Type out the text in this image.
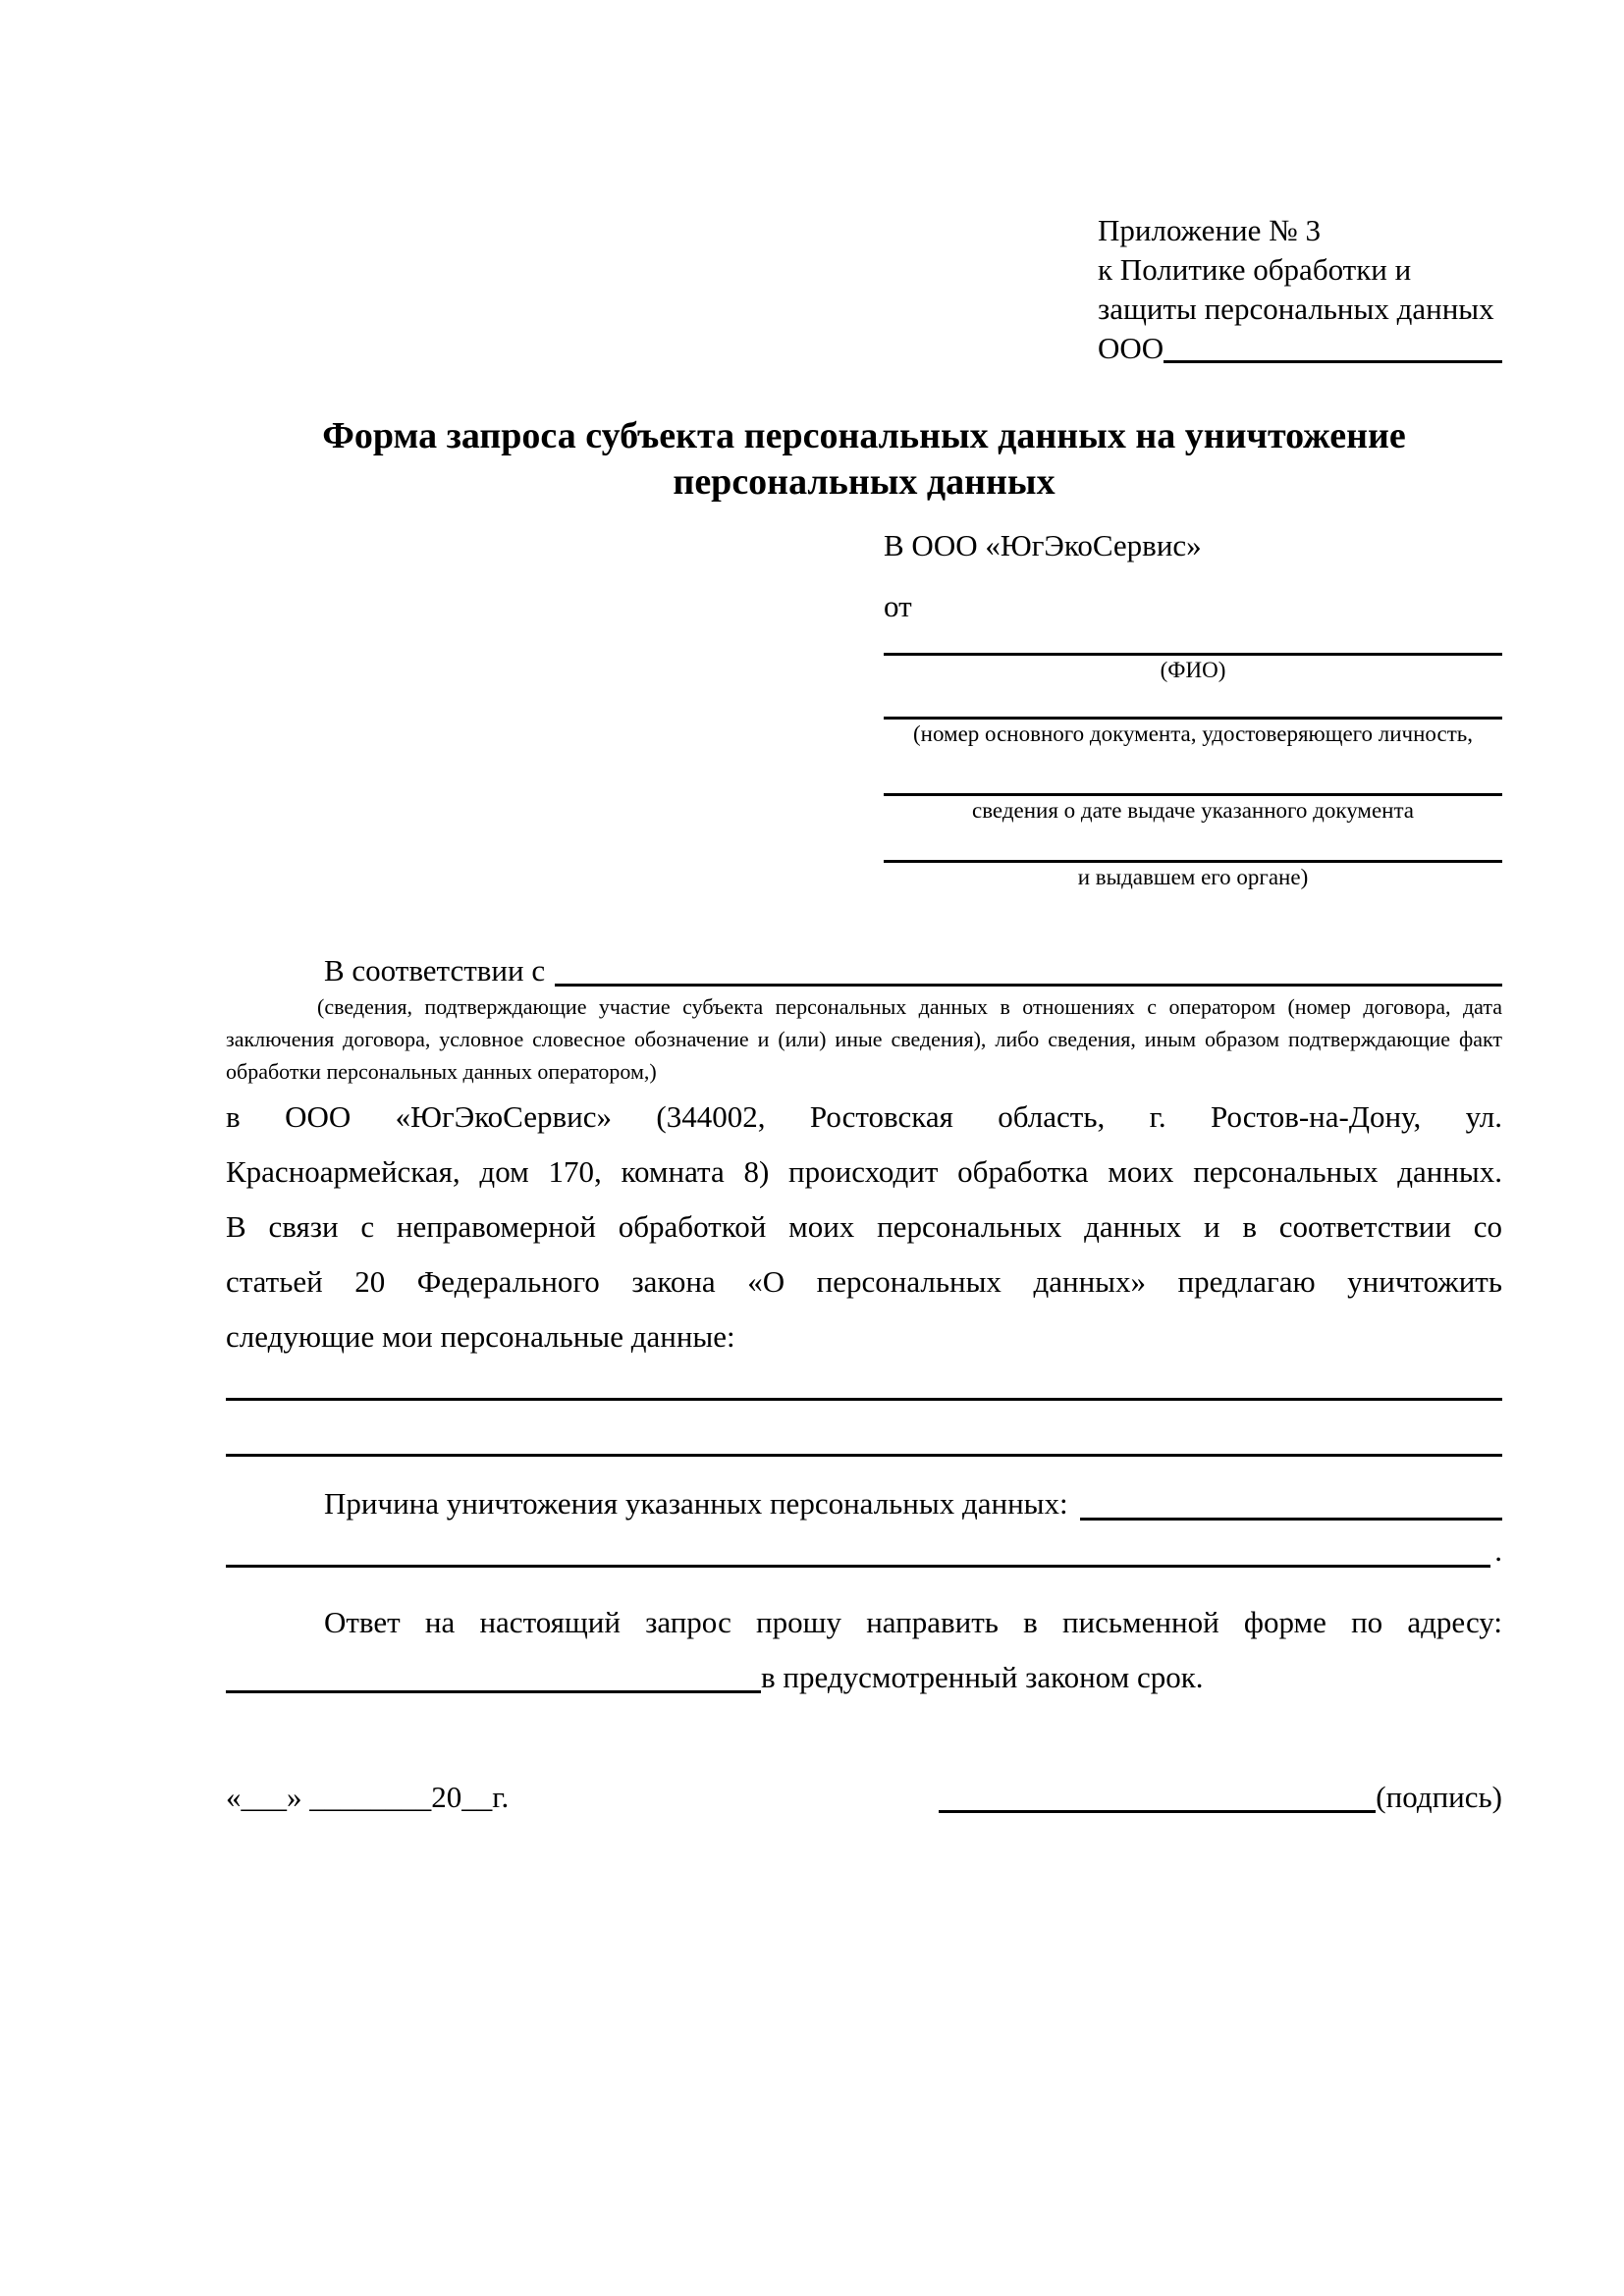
Приложение № 3
к Политике обработки и
защиты персональных данных
ООО
Форма запроса субъекта персональных данных на уничтожение персональных данных
В ООО «ЮгЭкоСервис»
от
(ФИО)
(номер основного документа, удостоверяющего личность,
сведения о дате выдаче указанного документа
и выдавшем его органе)
В соответствии с
(сведения, подтверждающие участие субъекта персональных данных в отношениях с оператором (номер договора, дата
заключения договора, условное словесное обозначение и (или) иные сведения), либо сведения, иным образом подтверждающие факт
обработки персональных данных оператором,)
в ООО «ЮгЭкоСервис» (344002, Ростовская область, г. Ростов-на-Дону, ул.
Красноармейская, дом 170, комната 8) происходит обработка моих персональных данных.
В связи с неправомерной обработкой моих персональных данных и в соответствии со
статьей 20 Федерального закона «О персональных данных» предлагаю уничтожить
следующие мои персональные данные:
Причина уничтожения указанных персональных данных:
.
Ответ на настоящий запрос прошу направить в письменной форме по адресу:
в предусмотренный законом срок.
«___» ________20__г.	(подпись)
